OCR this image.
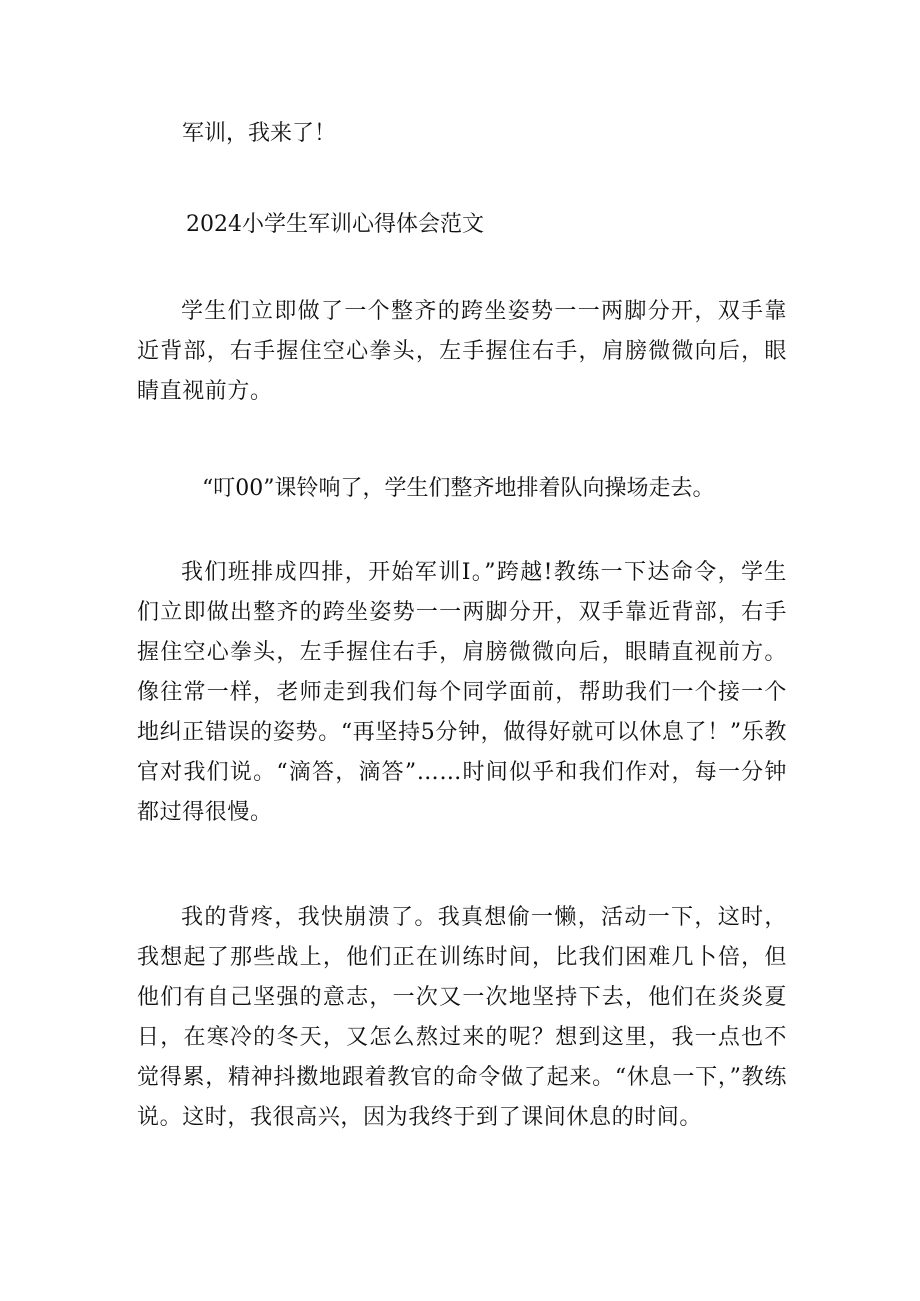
军训，我来了！

2024小学生军训心得体会范文

学生们立即做了一个整齐的跨坐姿势一一两脚分开，双手靠近背部，右手握住空心拳头，左手握住右手，肩膀微微向后，眼睛直视前方。

“叮00”课铃响了，学生们整齐地排着队向操场走去。

我们班排成四排，开始军训I。”跨越!教练一下达命令，学生们立即做出整齐的跨坐姿势一一两脚分开，双手靠近背部，右手握住空心拳头，左手握住右手，肩膀微微向后，眼睛直视前方。像往常一样，老师走到我们每个同学面前，帮助我们一个接一个地纠正错误的姿势。“再坚持5分钟，做得好就可以休息了！”乐教官对我们说。“滴答，滴答”……时间似乎和我们作对，每一分钟都过得很慢。

我的背疼，我快崩溃了。我真想偷一懒，活动一下，这时，我想起了那些战上，他们正在训练时间，比我们困难几卜倍，但他们有自己坚强的意志，一次又一次地坚持下去，他们在炎炎夏日，在寒冷的冬天，又怎么熬过来的呢？想到这里，我一点也不觉得累，精神抖擞地跟着教官的命令做了起来。“休息一下，”教练说。这时，我很高兴，因为我终于到了课间休息的时间。
